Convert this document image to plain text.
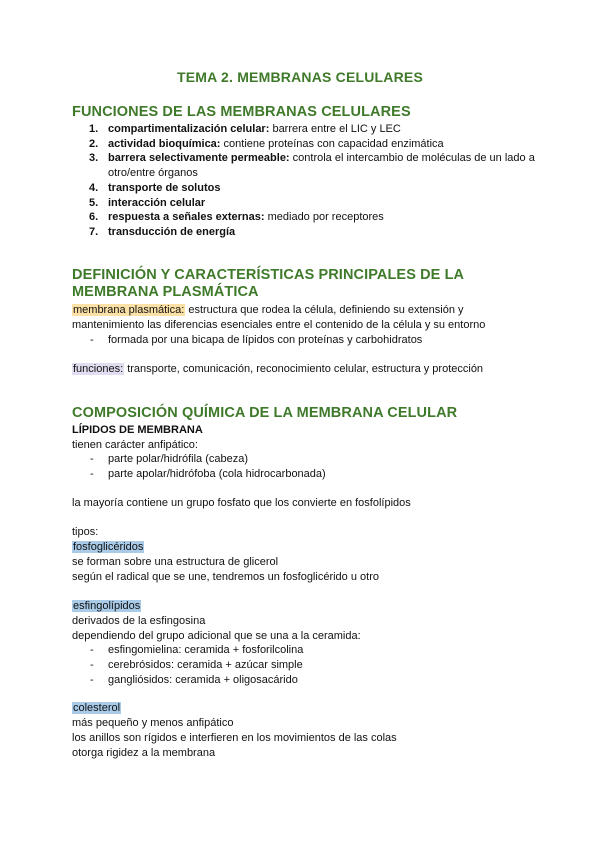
TEMA 2. MEMBRANAS CELULARES
FUNCIONES DE LAS MEMBRANAS CELULARES
1. compartimentalización celular: barrera entre el LIC y LEC
2. actividad bioquímica: contiene proteínas con capacidad enzimática
3. barrera selectivamente permeable: controla el intercambio de moléculas de un lado a otro/entre órganos
4. transporte de solutos
5. interacción celular
6. respuesta a señales externas: mediado por receptores
7. transducción de energía
DEFINICIÓN Y CARACTERÍSTICAS PRINCIPALES DE LA MEMBRANA PLASMÁTICA
membrana plasmática: estructura que rodea la célula, definiendo su extensión y
mantenimiento las diferencias esenciales entre el contenido de la célula y su entorno
- formada por una bicapa de lípidos con proteínas y carbohidratos
funciones: transporte, comunicación, reconocimiento celular, estructura y protección
COMPOSICIÓN QUÍMICA DE LA MEMBRANA CELULAR
LÍPIDOS DE MEMBRANA
tienen carácter anfipático:
- parte polar/hidrófila (cabeza)
- parte apolar/hidrófoba (cola hidrocarbonada)
la mayoría contiene un grupo fosfato que los convierte en fosfolípidos
tipos:
fosfoglicéridos
se forman sobre una estructura de glicerol
según el radical que se une, tendremos un fosfoglicérido u otro
esfingolípidos
derivados de la esfingosina
dependiendo del grupo adicional que se una a la ceramida:
- esfingomielina: ceramida + fosforilcolina
- cerebrósidos: ceramida + azúcar simple
- gangliósidos: ceramida + oligosacárido
colesterol
más pequeño y menos anfipático
los anillos son rígidos e interfieren en los movimientos de las colas
otorga rigidez a la membrana
